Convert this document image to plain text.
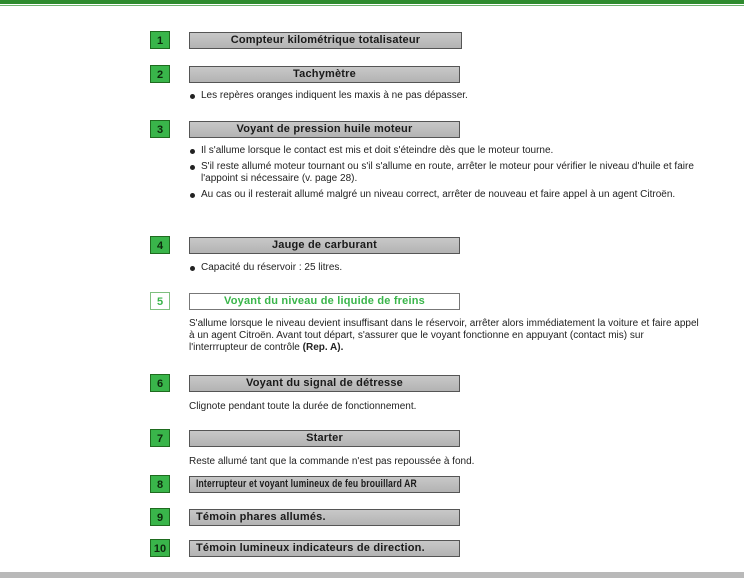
1	Compteur kilométrique totalisateur
2	Tachymètre
Les repères oranges indiquent les maxis à ne pas dépasser.
3	Voyant de pression huile moteur
Il s'allume lorsque le contact est mis et doit s'éteindre dès que le moteur tourne.
S'il reste allumé moteur tournant ou s'il s'allume en route, arrêter le moteur pour vérifier le niveau d'huile et faire l'appoint si nécessaire (v. page 28).
Au cas ou il resterait allumé malgré un niveau correct, arrêter de nouveau et faire appel à un agent Citroën.
4	Jauge de carburant
Capacité du réservoir : 25 litres.
5	Voyant du niveau de liquide de freins
S'allume lorsque le niveau devient insuffisant dans le réservoir, arrêter alors immédiatement la voiture et faire appel à un agent Citroën. Avant tout départ, s'assurer que le voyant fonctionne en appuyant (contact mis) sur l'interrrupteur de contrôle (Rep. A).
6	Voyant du signal de détresse
Clignote pendant toute la durée de fonctionnement.
7	Starter
Reste allumé tant que la commande n'est pas repoussée à fond.
8	Interrupteur et voyant lumineux de feu brouillard AR
9	Témoin phares allumés.
10	Témoin lumineux indicateurs de direction.
